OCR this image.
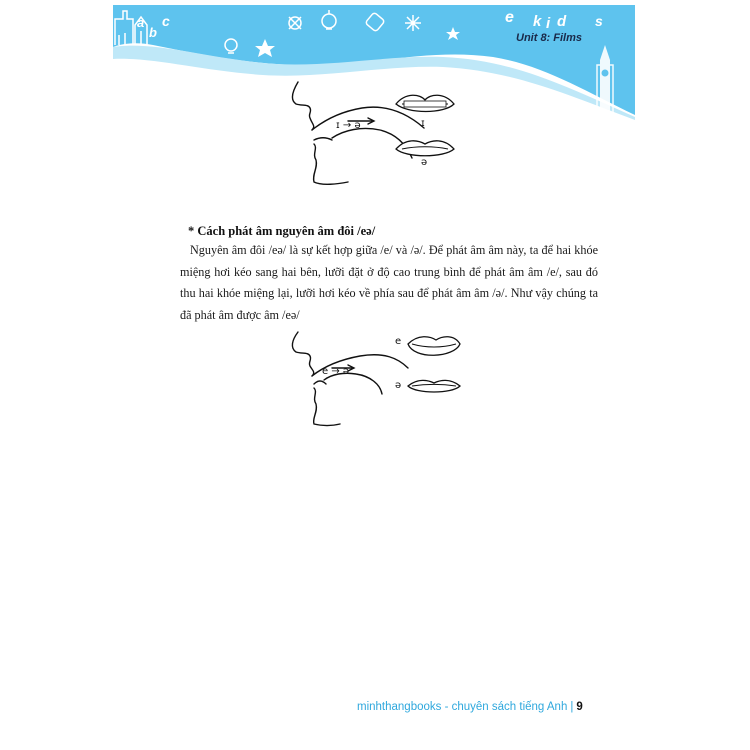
a
b
c	e k i d s
Unit 8: Films
ɪ → ə	ɪ
ə
* Cách phát âm nguyên âm đôi /eə/

Nguyên âm đôi /eə/ là sự kết hợp giữa /e/ và /ə/. Để phát âm âm này, ta để hai khóe miệng hơi kéo sang hai bên, lưỡi đặt ở độ cao trung bình để phát âm âm /e/, sau đó thu hai khóe miệng lại, lưỡi hơi kéo về phía sau để phát âm âm /ə/. Như vậy chúng ta đã phát âm được âm /eə/

e → ə
e
ə
minhthangbooks - chuyên sách tiếng Anh | 9
